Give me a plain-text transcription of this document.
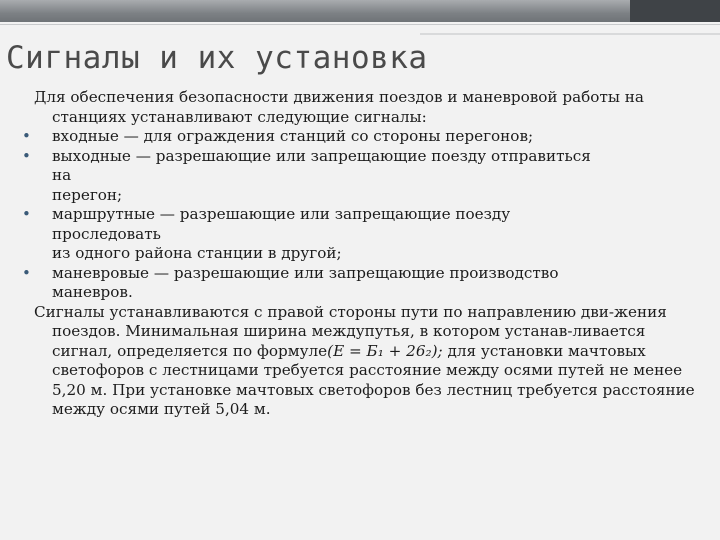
Сигналы и их установка

Для обеспечения безопасности движения поездов и маневровой работы на станциях устанавливают следующие сигналы:

• входные — для ограждения станций со стороны перегонов;
• выходные — разрешающие или запрещающие поезду отправиться
на
перегон;
• маршрутные — разрешающие или запрещающие поезду
проследовать
из одного района станции в другой;
• маневровые — разрешающие или запрещающие производство
маневров.

Сигналы устанавливаются с правой стороны пути по направлению дви-жения поездов. Минимальная ширина междупутья, в котором устанав-ливается сигнал, определяется по формуле(E = Б₁ + 26₂); для установки мачтовых светофоров с лестницами требуется расстояние между осями путей не менее 5,20 м. При установке мачтовых светофоров без лестниц требуется расстояние между осями путей 5,04 м.
